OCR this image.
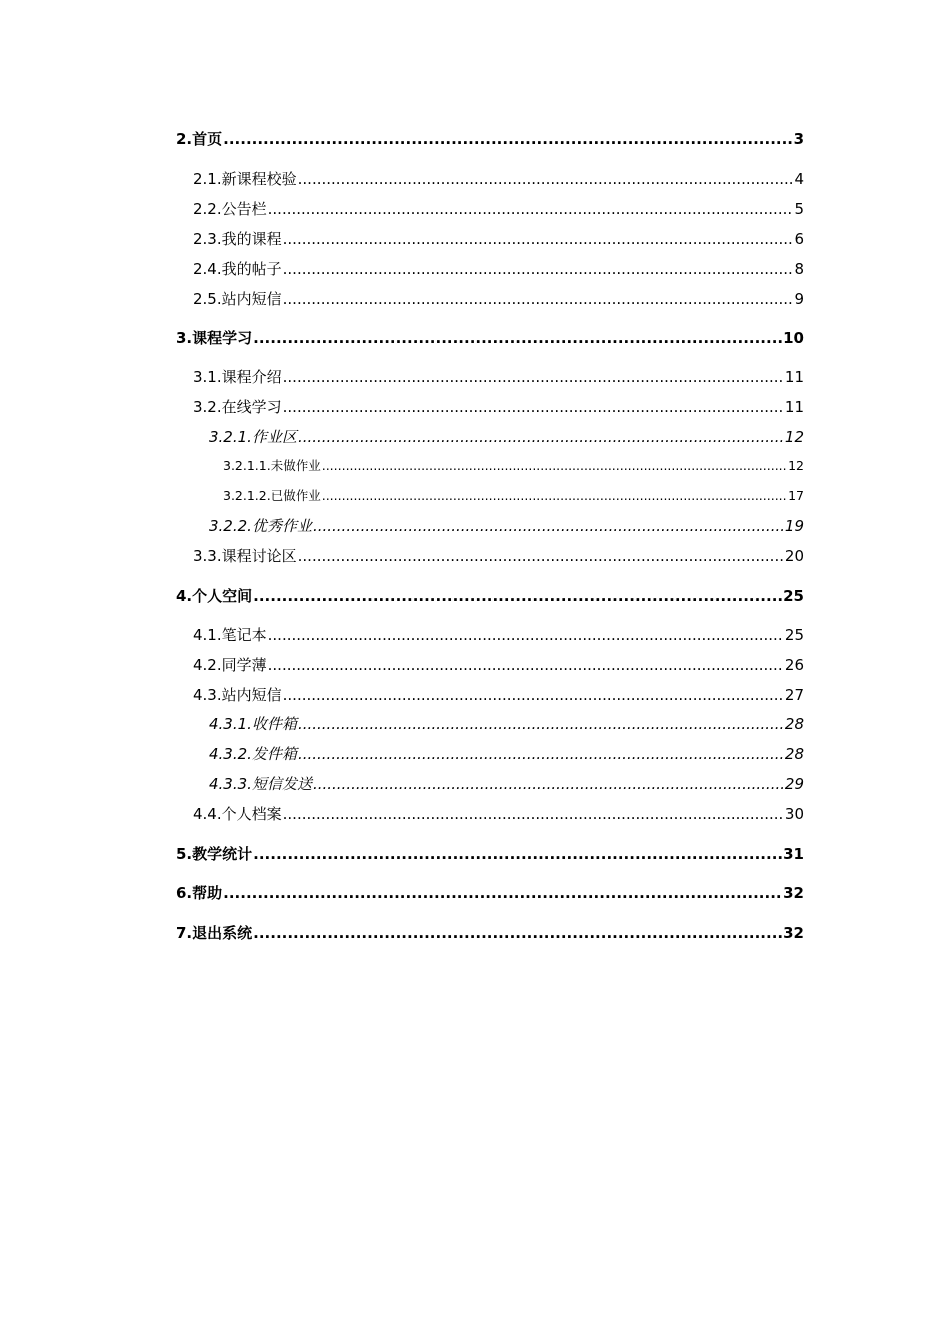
2. 首页 .....	3
2.1. 新课程校验 .....	4
2.2. 公告栏 .....	5
2.3. 我的课程 .....	6
2.4. 我的帖子 .....	8
2.5. 站内短信 .....	9
3. 课程学习 .....	10
3.1. 课程介绍 .....	11
3.2. 在线学习 .....	11
3.2.1. 作业区 .....	12
3.2.1.1. 未做作业 .....	12
3.2.1.2. 已做作业 .....	17
3.2.2. 优秀作业 .....	19
3.3. 课程讨论区 .....	20
4. 个人空间 .....	25
4.1. 笔记本 .....	25
4.2. 同学薄 .....	26
4.3. 站内短信 .....	27
4.3.1. 收件箱 .....	28
4.3.2. 发件箱 .....	28
4.3.3. 短信发送 .....	29
4.4. 个人档案 .....	30
5. 教学统计 .....	31
6. 帮助 .....	32
7. 退出系统 .....	32
